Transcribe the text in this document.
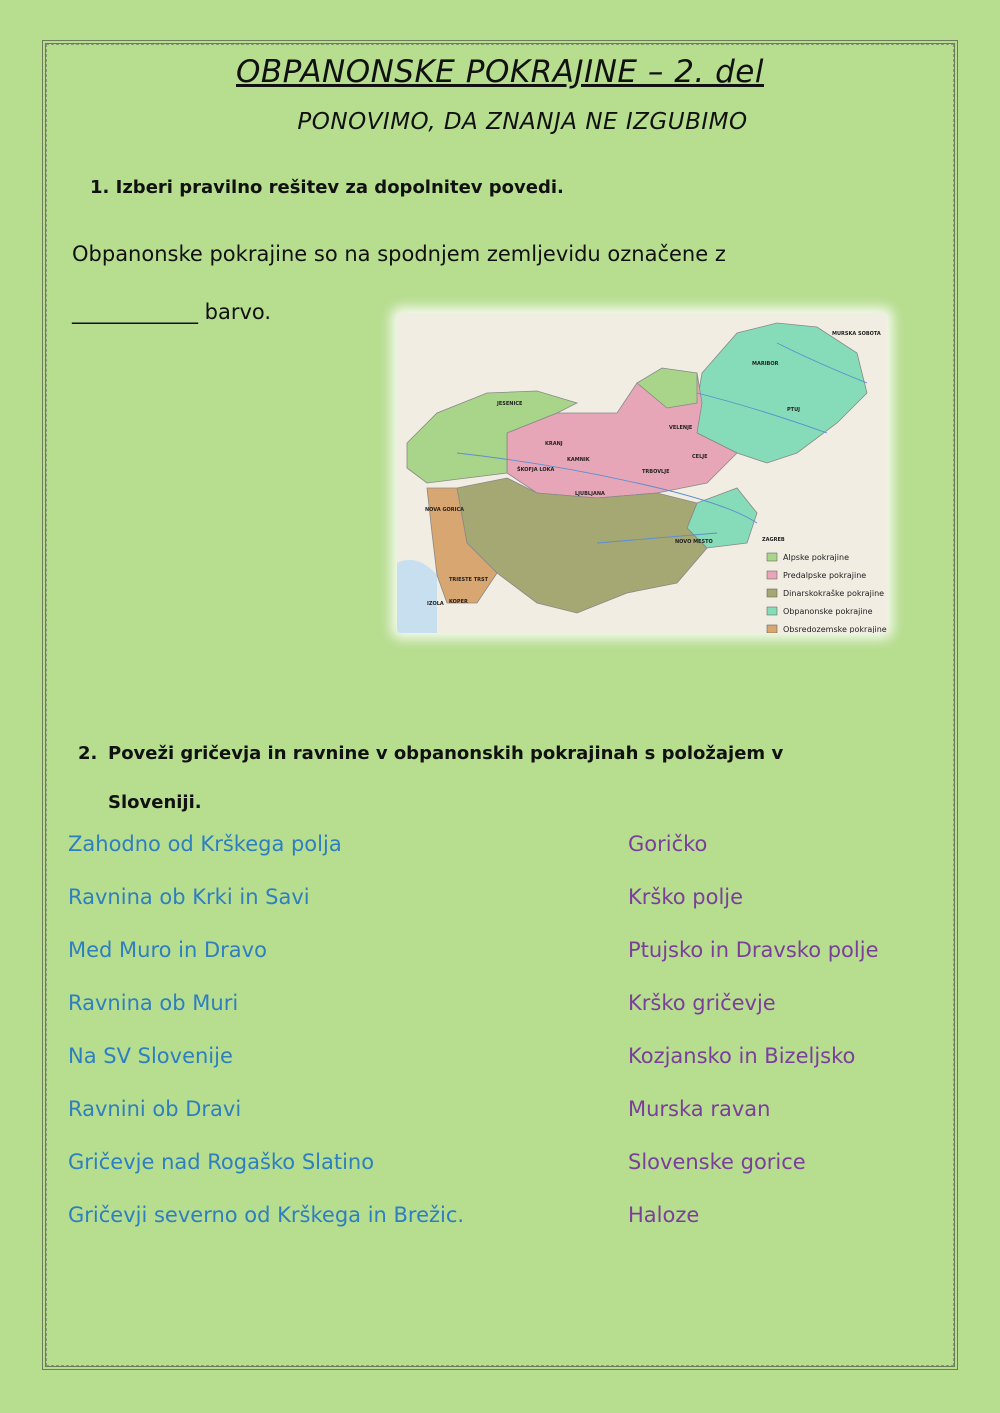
OBPANONSKE POKRAJINE – 2. del
PONOVIMO, DA ZNANJA NE IZGUBIMO
1. Izberi pravilno rešitev za dopolnitev povedi.
Obpanonske pokrajine so na spodnjem zemljevidu označene z
____________ barvo.
MURSKA SOBOTA
MARIBOR
PTUJ
JESENICE
VELENJE
CELJE
KRANJ
KAMNIK
ŠKOFJA LOKA	TRBOVLJE
LJUBLJANA
NOVA GORICA
NOVO MESTO	ZAGREB
TRIESTE TRST
IZOLA KOPER
Alpske pokrajine
Predalpske pokrajine
Dinarskokraške pokrajine
Obpanonske pokrajine
Obsredozemske pokrajine
2. Poveži gričevja in ravnine v obpanonskih pokrajinah s položajem v
Sloveniji.
Zahodno od Krškega polja
Ravnina ob Krki in Savi
Med Muro in Dravo
Ravnina ob Muri
Na SV Slovenije
Ravnini ob Dravi
Gričevje nad Rogaško Slatino
Gričevji severno od Krškega in Brežic.
Goričko
Krško polje
Ptujsko in Dravsko polje
Krško gričevje
Kozjansko in Bizeljsko
Murska ravan
Slovenske gorice
Haloze
